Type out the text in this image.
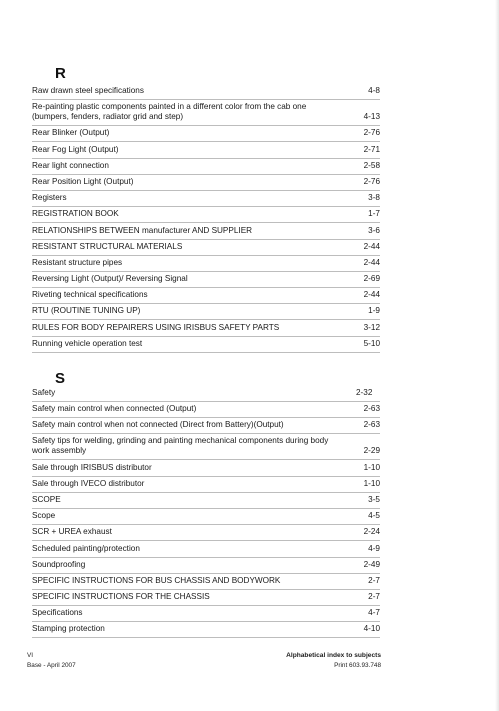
R
Raw drawn steel specifications	4-8
Re-painting plastic components painted in a different color from the cab one
(bumpers, fenders, radiator grid and step)	4-13
Rear Blinker (Output)	2-76
Rear Fog Light (Output)	2-71
Rear light connection	2-58
Rear Position Light (Output)	2-76
Registers	3-8
REGISTRATION BOOK	1-7
RELATIONSHIPS BETWEEN manufacturer AND SUPPLIER	3-6
RESISTANT STRUCTURAL MATERIALS	2-44
Resistant structure pipes	2-44
Reversing Light (Output)/ Reversing Signal	2-69
Riveting technical specifications	2-44
RTU (ROUTINE TUNING UP)	1-9
RULES FOR BODY REPAIRERS USING IRISBUS SAFETY PARTS	3-12
Running vehicle operation test	5-10
S
Safety	2-32
Safety main control when connected (Output)	2-63
Safety main control when not connected (Direct from Battery)(Output)	2-63
Safety tips for welding, grinding and painting mechanical components during body
work assembly	2-29
Sale through IRISBUS distributor	1-10
Sale through IVECO distributor	1-10
SCOPE	3-5
Scope	4-5
SCR + UREA exhaust	2-24
Scheduled painting/protection	4-9
Soundproofing	2-49
SPECIFIC INSTRUCTIONS FOR BUS CHASSIS AND BODYWORK	2-7
SPECIFIC INSTRUCTIONS FOR THE CHASSIS	2-7
Specifications	4-7
Stamping protection	4-10
VI	Alphabetical index to subjects
Base - April 2007	Print 603.93.748
